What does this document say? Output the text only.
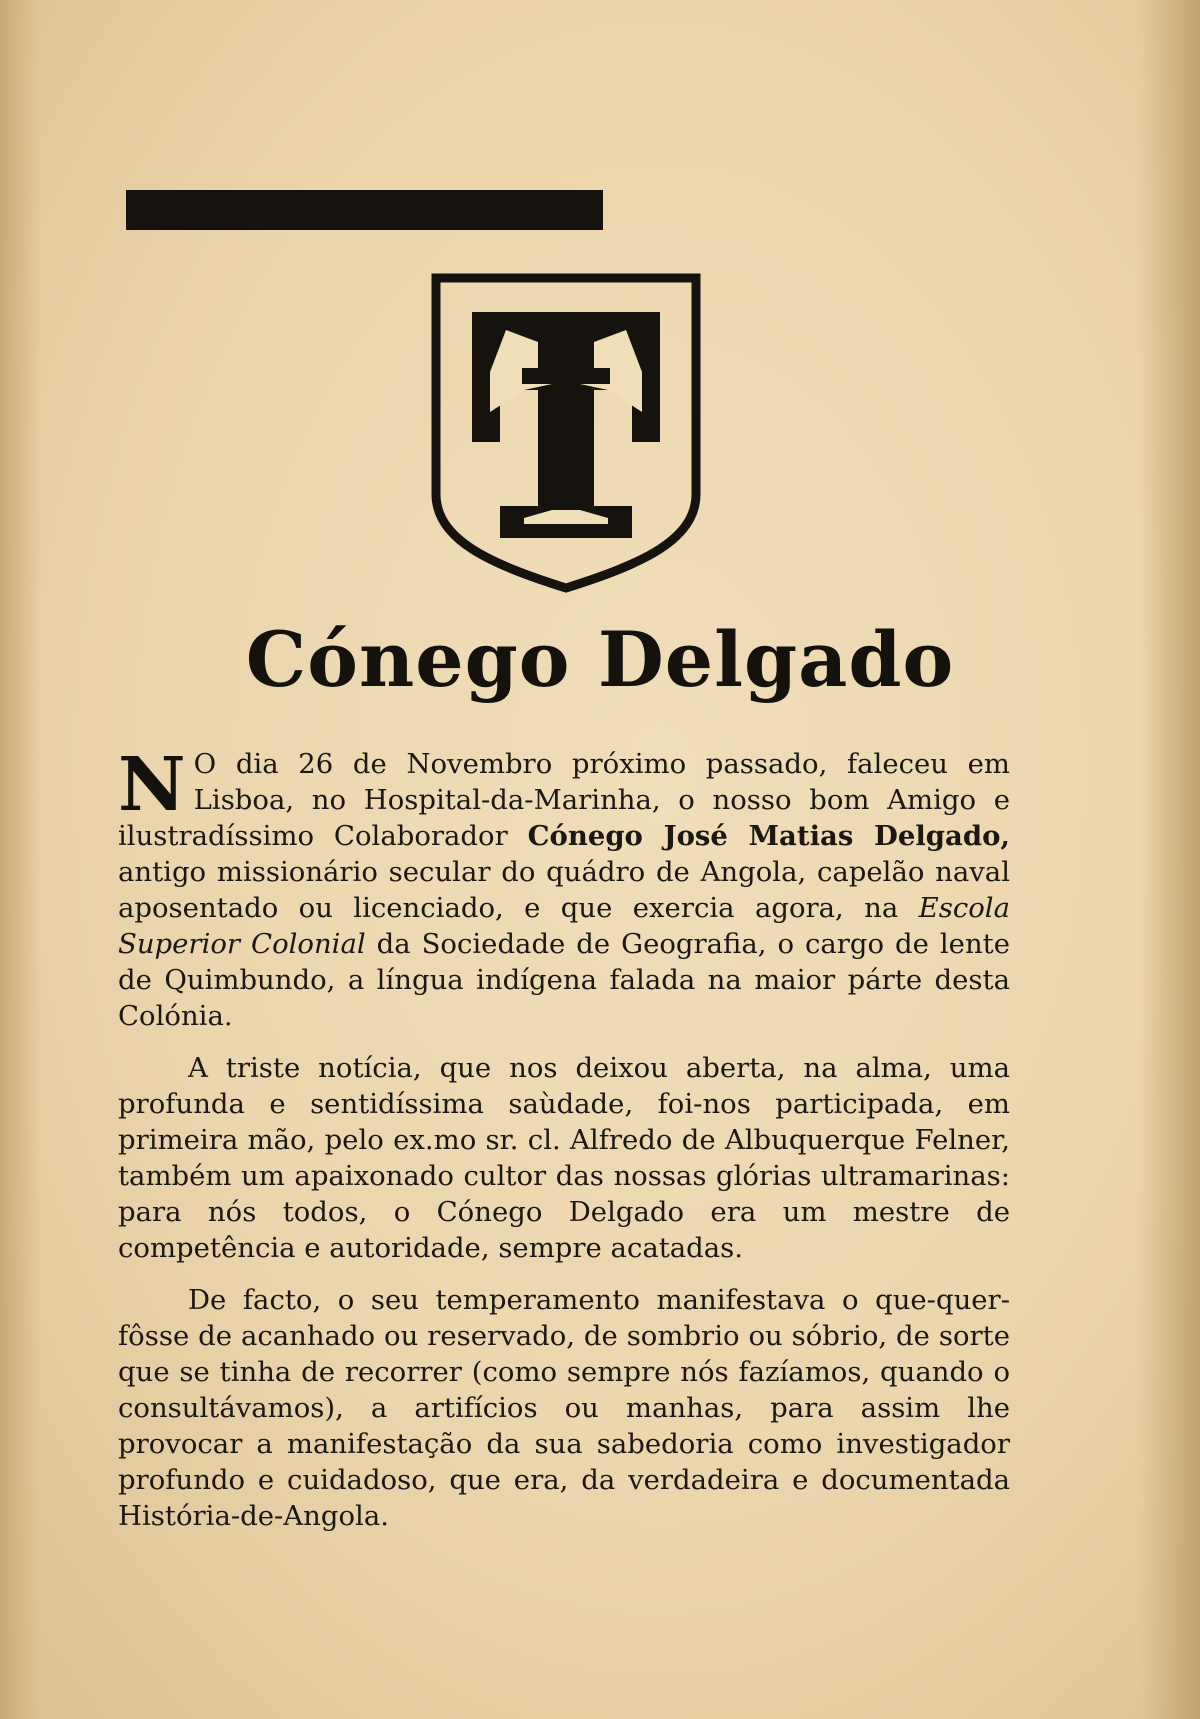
Cónego Delgado

N O dia 26 de Novembro próximo passado, faleceu em Lisboa, no Hospital-da-Marinha, o nosso bom Amigo e ilustradíssimo Colaborador Cónego José Matias Delgado, antigo missionário secular do quádro de Angola, capelão naval aposentado ou licenciado, e que exercia agora, na Escola Superior Colonial da Sociedade de Geografia, o cargo de lente de Quimbundo, a língua indígena falada na maior párte desta Colónia.

A triste notícia, que nos deixou aberta, na alma, uma profunda e sentidíssima saùdade, foi-nos participada, em primeira mão, pelo ex.mo sr. cl. Alfredo de Albuquerque Felner, também um apaixonado cultor das nossas glórias ultramarinas: para nós todos, o Cónego Delgado era um mestre de competência e autoridade, sempre acatadas.

De facto, o seu temperamento manifestava o que-quer-fôsse de acanhado ou reservado, de sombrio ou sóbrio, de sorte que se tinha de recorrer (como sempre nós fazíamos, quando o consultávamos), a artifícios ou manhas, para assim lhe provocar a manifestação da sua sabedoria como investigador profundo e cuidadoso, que era, da verdadeira e documentada História-de-Angola.
